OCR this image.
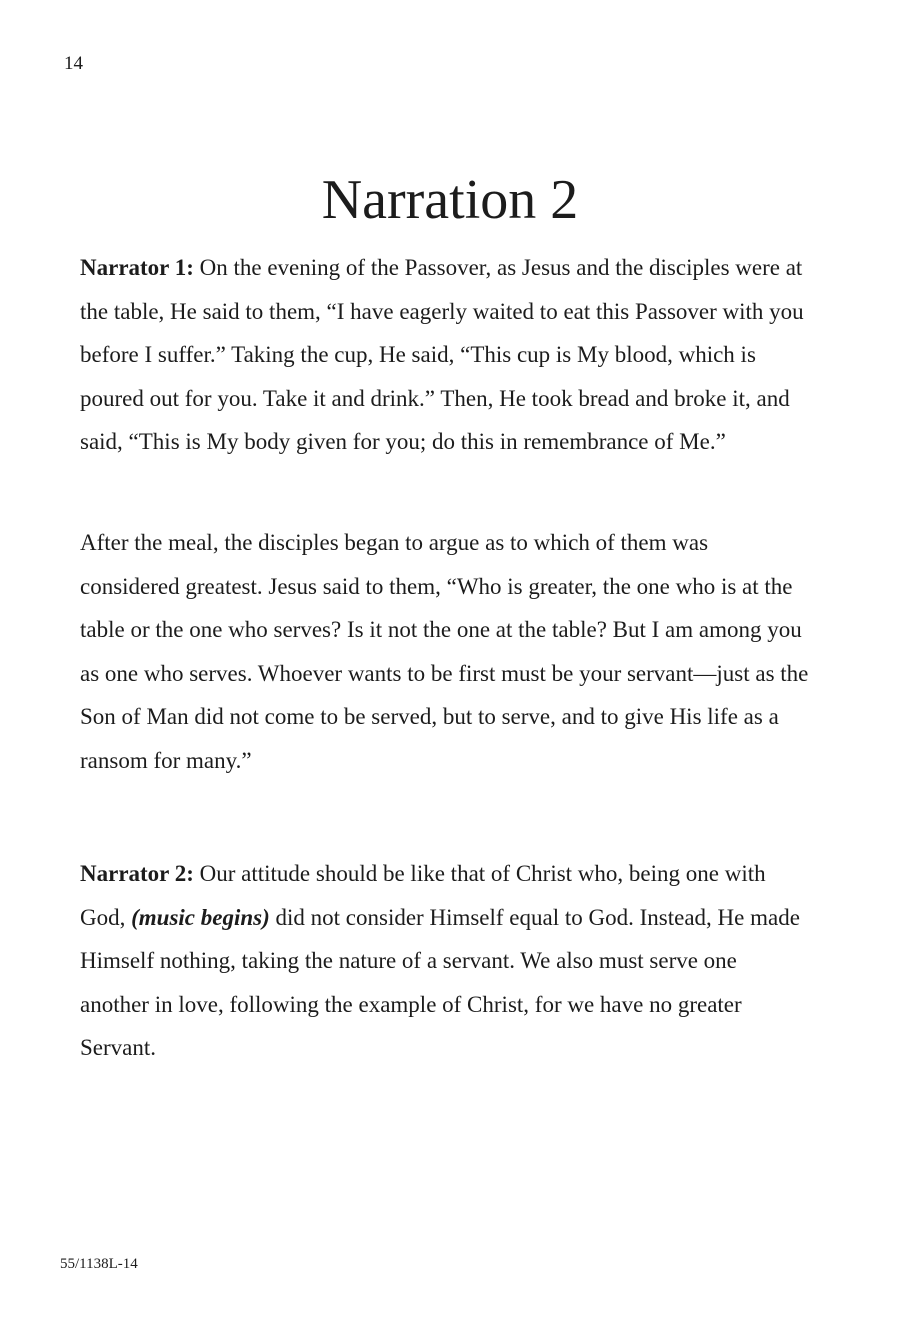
14
Narration 2

Narrator 1: On the evening of the Passover, as Jesus and the disciples were at the table, He said to them, “I have eagerly waited to eat this Passover with you before I suffer.” Taking the cup, He said, “This cup is My blood, which is poured out for you. Take it and drink.” Then, He took bread and broke it, and said, “This is My body given for you; do this in remembrance of Me.”

After the meal, the disciples began to argue as to which of them was considered greatest. Jesus said to them, “Who is greater, the one who is at the table or the one who serves? Is it not the one at the table? But I am among you as one who serves. Whoever wants to be first must be your servant—just as the Son of Man did not come to be served, but to serve, and to give His life as a ransom for many.”

Narrator 2: Our attitude should be like that of Christ who, being one with God, (music begins) did not consider Himself equal to God. Instead, He made Himself nothing, taking the nature of a servant. We also must serve one another in love, following the example of Christ, for we have no greater Servant.

55/1138L-14
